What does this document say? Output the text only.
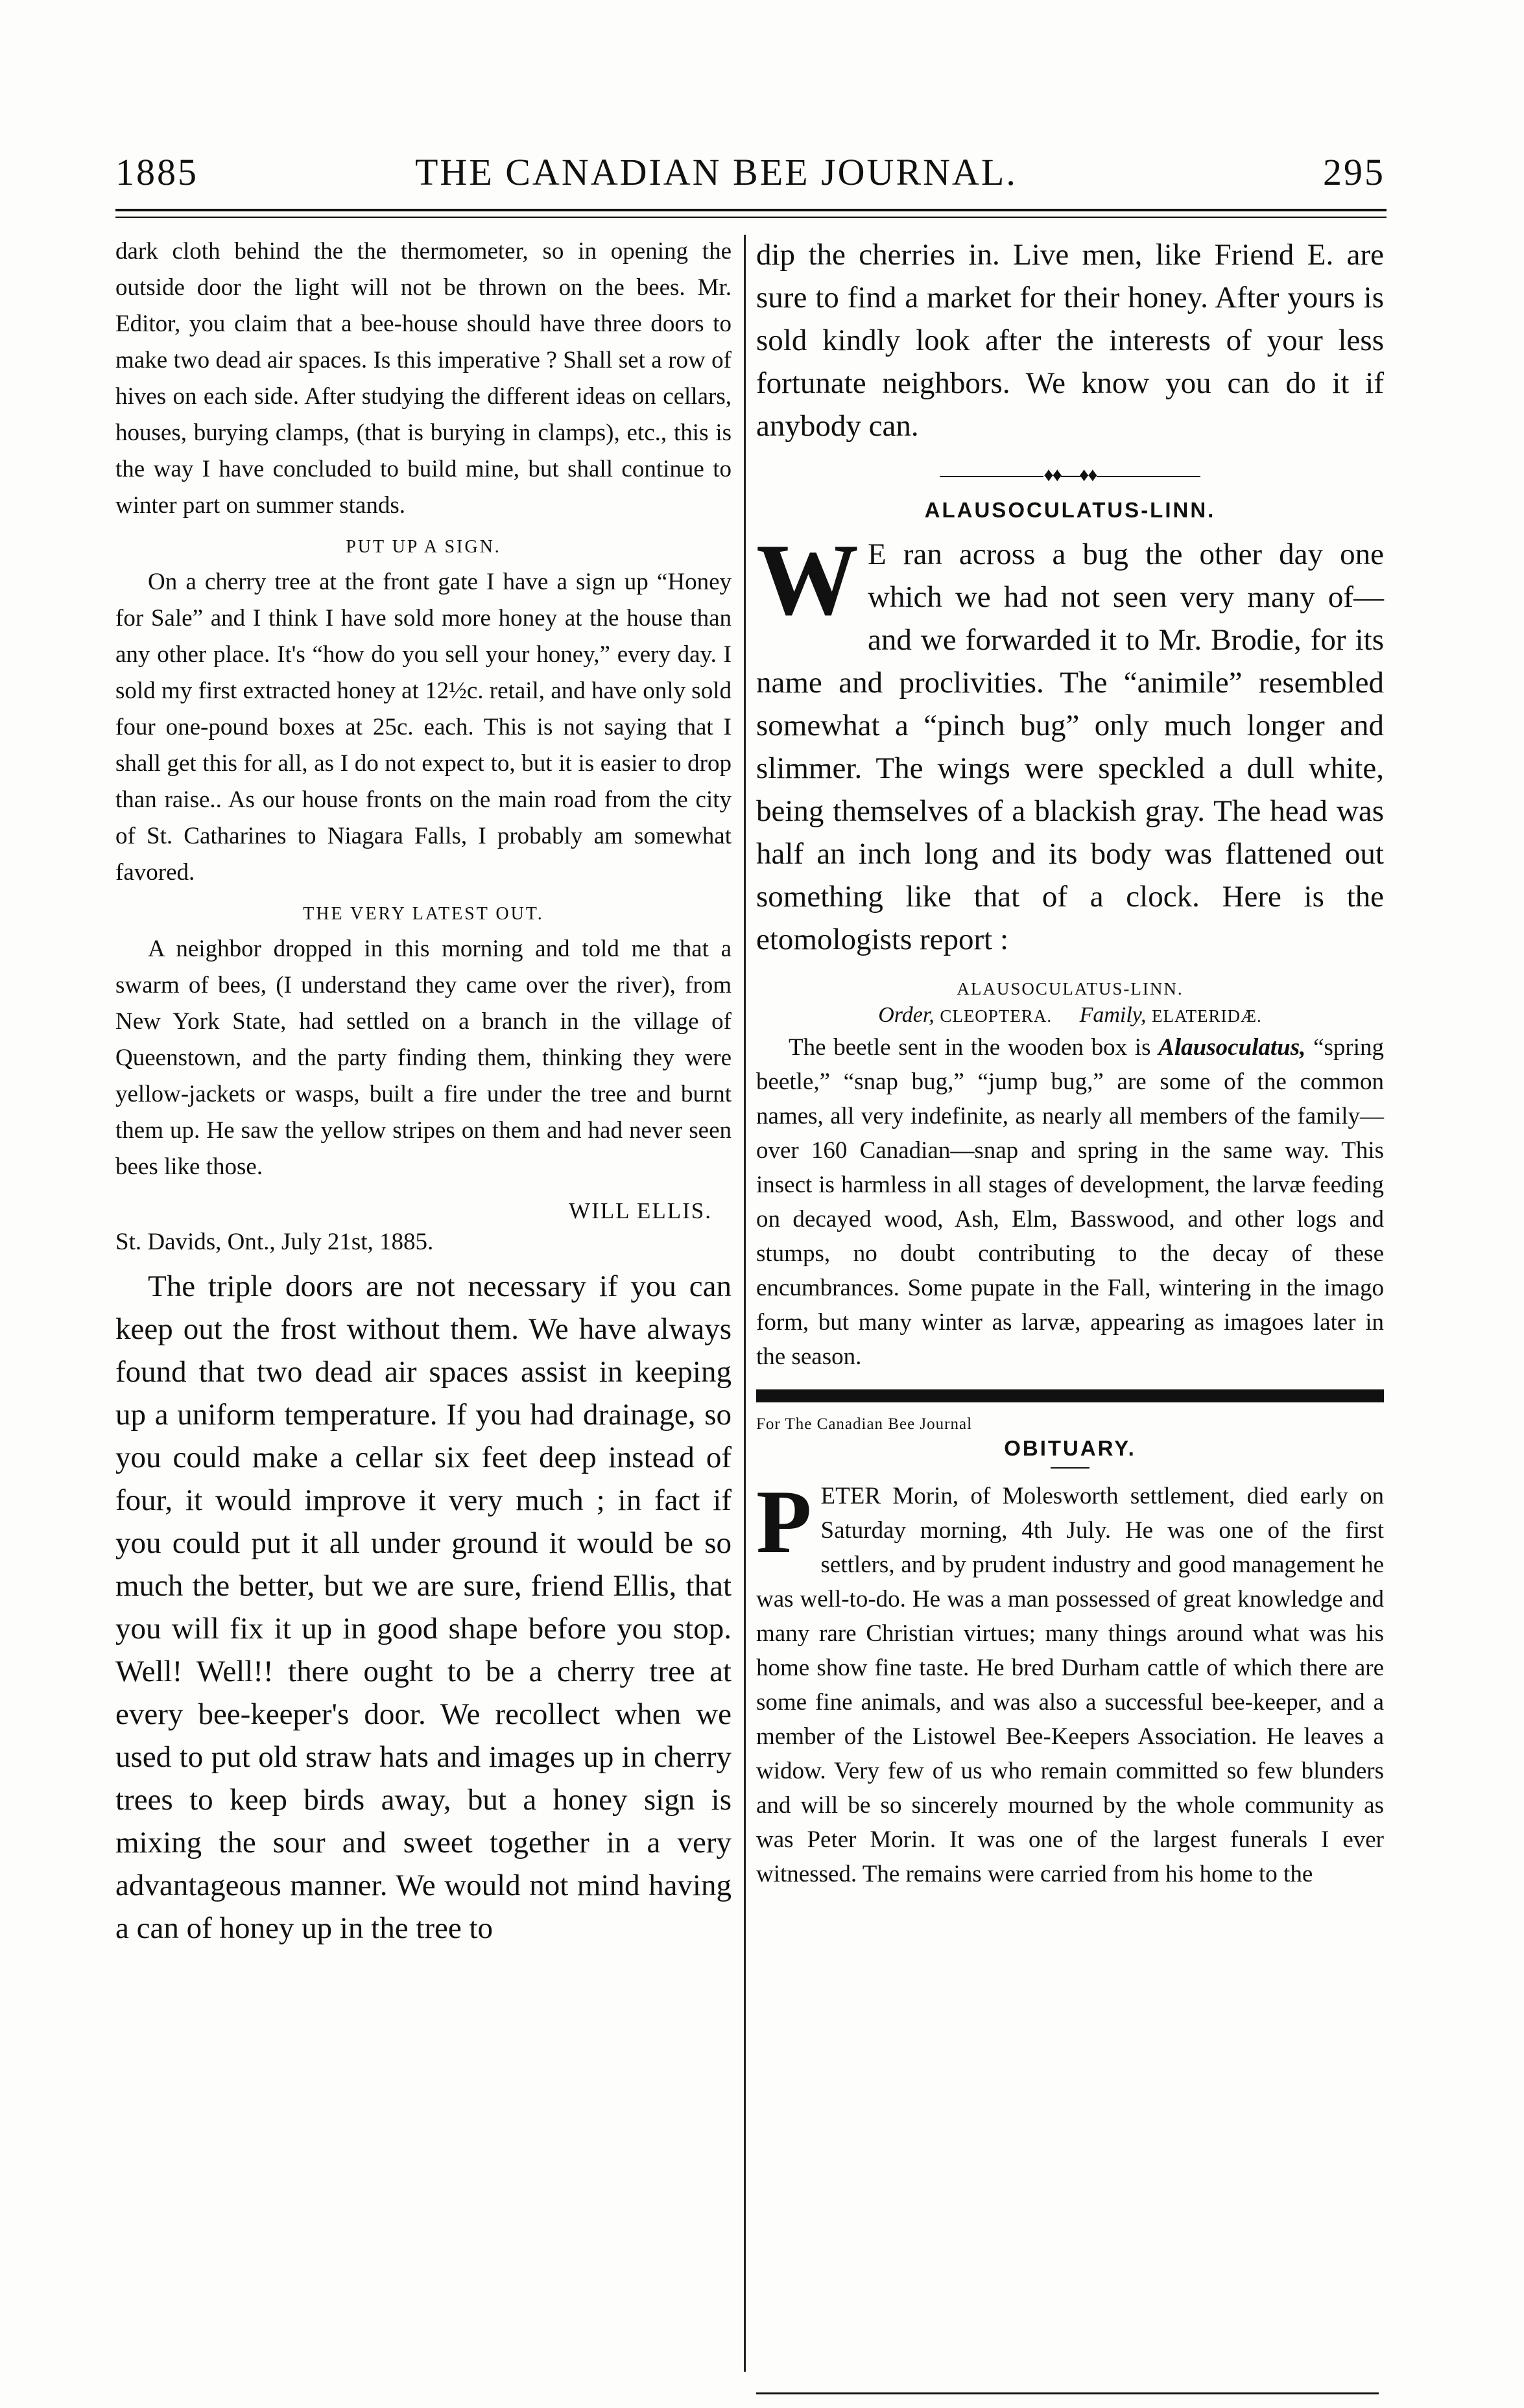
1885	THE CANADIAN BEE JOURNAL.	295

dark cloth behind the the thermometer, so in opening the outside door the light will not be thrown on the bees. Mr. Editor, you claim that a bee-house should have three doors to make two dead air spaces. Is this imperative ? Shall set a row of hives on each side. After studying the different ideas on cellars, houses, burying clamps, (that is burying in clamps), etc., this is the way I have concluded to build mine, but shall continue to winter part on summer stands.

PUT UP A SIGN.

On a cherry tree at the front gate I have a sign up “Honey for Sale” and I think I have sold more honey at the house than any other place. It's “how do you sell your honey,” every day. I sold my first extracted honey at 12½c. retail, and have only sold four one-pound boxes at 25c. each. This is not saying that I shall get this for all, as I do not expect to, but it is easier to drop than raise.. As our house fronts on the main road from the city of St. Catharines to Niagara Falls, I probably am somewhat favored.

THE VERY LATEST OUT.

A neighbor dropped in this morning and told me that a swarm of bees, (I understand they came over the river), from New York State, had settled on a branch in the village of Queenstown, and the party finding them, thinking they were yellow-jackets or wasps, built a fire under the tree and burnt them up. He saw the yellow stripes on them and had never seen bees like those.

WILL ELLIS.
St. Davids, Ont., July 21st, 1885.

The triple doors are not necessary if you can keep out the frost without them. We have always found that two dead air spaces assist in keeping up a uniform temperature. If you had drainage, so you could make a cellar six feet deep instead of four, it would improve it very much ; in fact if you could put it all under ground it would be so much the better, but we are sure, friend Ellis, that you will fix it up in good shape before you stop. Well! Well!! there ought to be a cherry tree at every bee-keeper's door. We recollect when we used to put old straw hats and images up in cherry trees to keep birds away, but a honey sign is mixing the sour and sweet together in a very advantageous manner. We would not mind having a can of honey up in the tree to

dip the cherries in. Live men, like Friend E. are sure to find a market for their honey. After yours is sold kindly look after the interests of your less fortunate neighbors. We know you can do it if anybody can.

♦♦—♦♦
ALAUSOCULATUS-LINN.

W E ran across a bug the other day one which we had not seen very many of—and we forwarded it to Mr. Brodie, for its name and proclivities. The “animile” resembled somewhat a “pinch bug” only much longer and slimmer. The wings were speckled a dull white, being themselves of a blackish gray. The head was half an inch long and its body was flattened out something like that of a clock. Here is the etomologists report :

ALAUSOCULATUS-LINN.
Order, CLEOPTERA. Family, ELATERIDÆ.

The beetle sent in the wooden box is Alausoculatus, “spring beetle,” “snap bug,” “jump bug,” are some of the common names, all very indefinite, as nearly all members of the family—over 160 Canadian—snap and spring in the same way. This insect is harmless in all stages of development, the larvæ feeding on decayed wood, Ash, Elm, Basswood, and other logs and stumps, no doubt contributing to the decay of these encumbrances. Some pupate in the Fall, wintering in the imago form, but many winter as larvæ, appearing as imagoes later in the season.

For The Canadian Bee Journal
OBITUARY.

PETER Morin, of Molesworth settlement, died early on Saturday morning, 4th July. He was one of the first settlers, and by prudent industry and good management he was well-to-do. He was a man possessed of great knowledge and many rare Christian virtues; many things around what was his home show fine taste. He bred Durham cattle of which there are some fine animals, and was also a successful bee-keeper, and a member of the Listowel Bee-Keepers Association. He leaves a widow. Very few of us who remain committed so few blunders and will be so sincerely mourned by the whole community as was Peter Morin. It was one of the largest funerals I ever witnessed. The remains were carried from his home to the
